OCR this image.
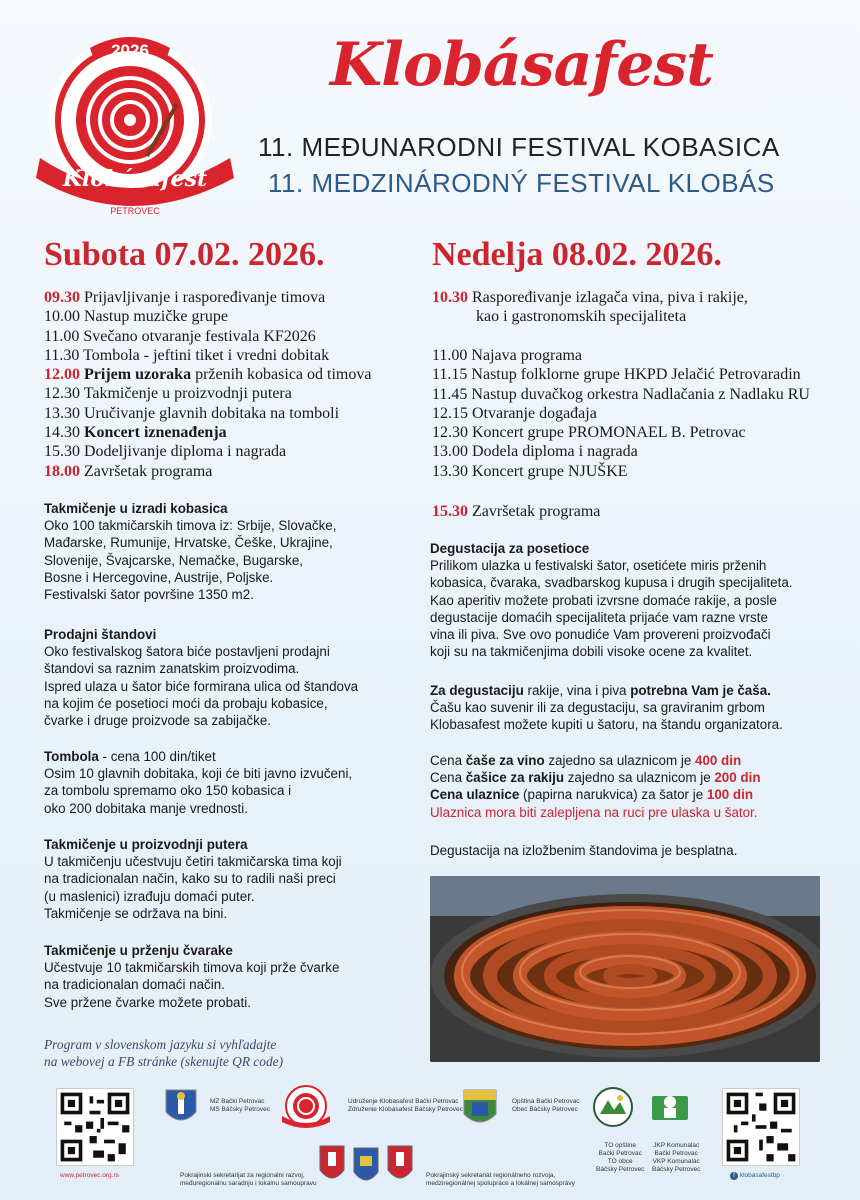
2026
Klobásafest
PETROVEC
Klobásafest
11. MEĐUNARODNI FESTIVAL KOBASICA
11. MEDZINÁRODNÝ FESTIVAL KLOBÁS
Subota 07.02. 2026.
09.30 Prijavljivanje i raspoređivanje timova
10.00 Nastup muzičke grupe
11.00 Svečano otvaranje festivala KF2026
11.30 Tombola - jeftini tiket i vredni dobitak
12.00 Prijem uzoraka prženih kobasica od timova
12.30 Takmičenje u proizvodnji putera
13.30 Uručivanje glavnih dobitaka na tomboli
14.30 Koncert iznenađenja
15.30 Dodeljivanje diploma i nagrada
18.00 Završetak programa
Nedelja 08.02. 2026.
10.30 Raspoređivanje izlagača vina, piva i rakije,
kao i gastronomskih specijaliteta
11.00 Najava programa
11.15 Nastup folklorne grupe HKPD Jelačić Petrovaradin
11.45 Nastup duvačkog orkestra Nadlačania z Nadlaku RU
12.15 Otvaranje događaja
12.30 Koncert grupe PROMONAEL B. Petrovac
13.00 Dodela diploma i nagrada
13.30 Koncert grupe NJUŠKE
15.30 Završetak programa
Takmičenje u izradi kobasica
Oko 100 takmičarskih timova iz: Srbije, Slovačke,
Mađarske, Rumunije, Hrvatske, Češke, Ukrajine,
Slovenije, Švajcarske, Nemačke, Bugarske,
Bosne i Hercegovine, Austrije, Poljske.
Festivalski šator površine 1350 m2.
Prodajni štandovi
Oko festivalskog šatora biće postavljeni prodajni
štandovi sa raznim zanatskim proizvodima.
Ispred ulaza u šator biće formirana ulica od štandova
na kojim će posetioci moći da probaju kobasice,
čvarke i druge proizvode sa zabijačke.
Tombola - cena 100 din/tiket
Osim 10 glavnih dobitaka, koji će biti javno izvučeni,
za tombolu spremamo oko 150 kobasica i
oko 200 dobitaka manje vrednosti.
Takmičenje u proizvodnji putera
U takmičenju učestvuju četiri takmičarska tima koji
na tradicionalan način, kako su to radili naši preci
(u maslenici) izrađuju domaći puter.
Takmičenje se održava na bini.
Takmičenje u prženju čvarake
Učestvuje 10 takmičarskih timova koji prže čvarke
na tradicionalan domaći način.
Sve pržene čvarke možete probati.
Program v slovenskom jazyku si vyhľadajte
na webovej a FB stránke (skenujte QR code)
Degustacija za posetioce
Prilikom ulazka u festivalski šator, osetićete miris prženih
kobasica, čvaraka, svadbarskog kupusa i drugih specijaliteta.
Kao aperitiv možete probati izvrsne domaće rakije, a posle
degustacije domaćih specijaliteta prijaće vam razne vrste
vina ili piva. Sve ovo ponudiće Vam provereni proizvođači
koji su na takmičenjima dobili visoke ocene za kvalitet.
Za degustaciju rakije, vina i piva potrebna Vam je čaša.
Čašu kao suvenir ili za degustaciju, sa graviranim grbom
Klobasafest možete kupiti u šatoru, na štandu organizatora.
Cena čaše za vino zajedno sa ulaznicom je 400 din
Cena čašice za rakiju zajedno sa ulaznicom je 200 din
Cena ulaznice (papirna narukvica) za šator je 100 din
Ulaznica mora biti zalepljena na ruci pre ulaska u šator.
Degustacija na izložbenim štandovima je besplatna.
www.petrovec.org.rs
MZ Bački Petrovac
MS Báčsky Petrovec
Udruženje Klobasafest Bački Petrovac
Združenie Klobásafest Báčsky Petrovec
Opština Bački Petrovac
Obec Báčsky Petrovec
TO opštine
Bački Petrovac
TO obce
Báčsky Petrovec
JKP Komunalac
Bački Petrovac
VKP Komunalac
Báčsky Petrovec
f klobasafestbp
Pokrajinski sekretarijat za regionalni razvoj,
međuregionalnu saradnju i lokalnu samoupravu
Pokrajinský sekretariát regionálneho rozvoja,
medziregionálnej spolupráce a lokálnej samosprávy
